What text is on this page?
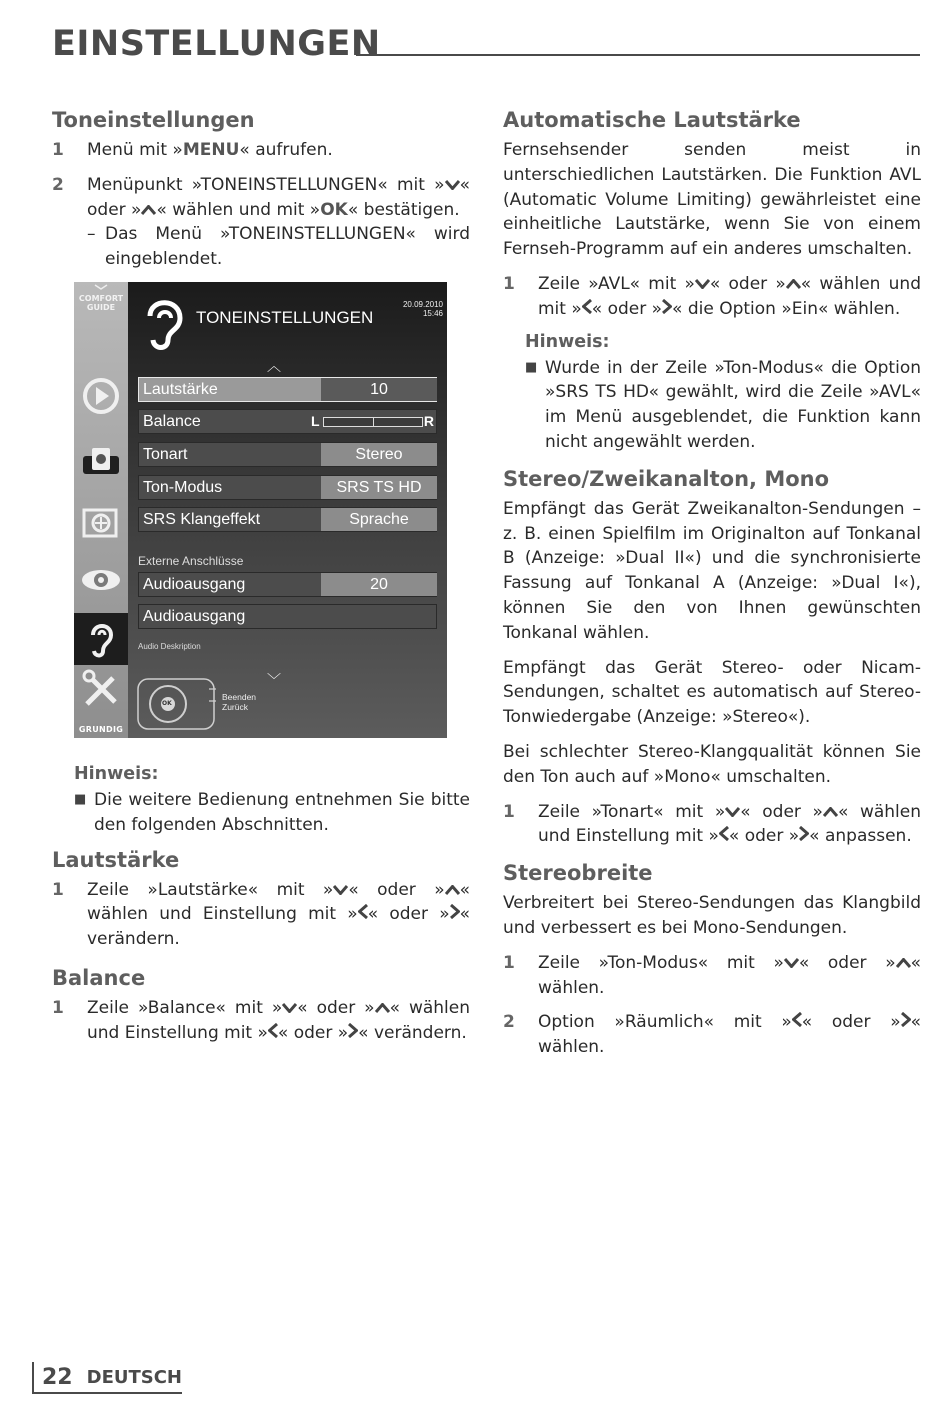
EINSTELLUNGEN
Toneinstellungen
1	Menü mit »MENU« aufrufen.
2	Menüpunkt »TONEINSTELLUNGEN« mit » « oder » « wählen und mit »OK« bestätigen.
– Das Menü »TONEINSTELLUNGEN« wird eingeblendet.
COMFORT
GUIDE
GRUNDIG
TONEINSTELLUNGEN
20.09.2010
15:46
︿
Lautstärke	10
Balance	L	R
Tonart	Stereo
Ton-Modus	SRS TS HD
SRS Klangeffekt	Sprache
Externe Anschlüsse
Audioausgang	20
Audioausgang
Audio Deskription
﹀
OK
Beenden
Zurück
Hinweis:
■ Die weitere Bedienung entnehmen Sie bitte den folgenden Abschnitten.
Lautstärke
1	Zeile »Lautstärke« mit » « oder » « wählen und Einstellung mit » « oder » « verändern.
Balance
1	Zeile »Balance« mit » « oder » « wählen und Einstellung mit » « oder » « verändern.
Automatische Lautstärke
Fernsehsender senden meist in unterschiedlichen Lautstärken. Die Funktion AVL (Automatic Volume Limiting) gewährleistet eine einheitliche Lautstärke, wenn Sie von einem Fernseh-Programm auf ein anderes umschalten.
1	Zeile »AVL« mit » « oder » « wählen und mit » « oder » « die Option »Ein« wählen.
Hinweis:
■ Wurde in der Zeile »Ton-Modus« die Option »SRS TS HD« gewählt, wird die Zeile »AVL« im Menü ausgeblendet, die Funktion kann nicht angewählt werden.
Stereo/Zweikanalton, Mono
Empfängt das Gerät Zweikanalton-Sendungen – z. B. einen Spielfilm im Originalton auf Tonkanal B (Anzeige: »Dual II«) und die synchronisierte Fassung auf Tonkanal A (Anzeige: »Dual I«), können Sie den von Ihnen gewünschten Tonkanal wählen.
Empfängt das Gerät Stereo- oder Nicam-Sendungen, schaltet es automatisch auf Stereo-Tonwiedergabe (Anzeige: »Stereo«).
Bei schlechter Stereo-Klangqualität können Sie den Ton auch auf »Mono« umschalten.
1	Zeile »Tonart« mit » « oder » « wählen und Einstellung mit » « oder » « anpassen.
Stereobreite
Verbreitert bei Stereo-Sendungen das Klangbild und verbessert es bei Mono-Sendungen.
1	Zeile »Ton-Modus« mit » « oder » « wählen.
2	Option »Räumlich« mit » « oder » « wählen.
22 DEUTSCH
